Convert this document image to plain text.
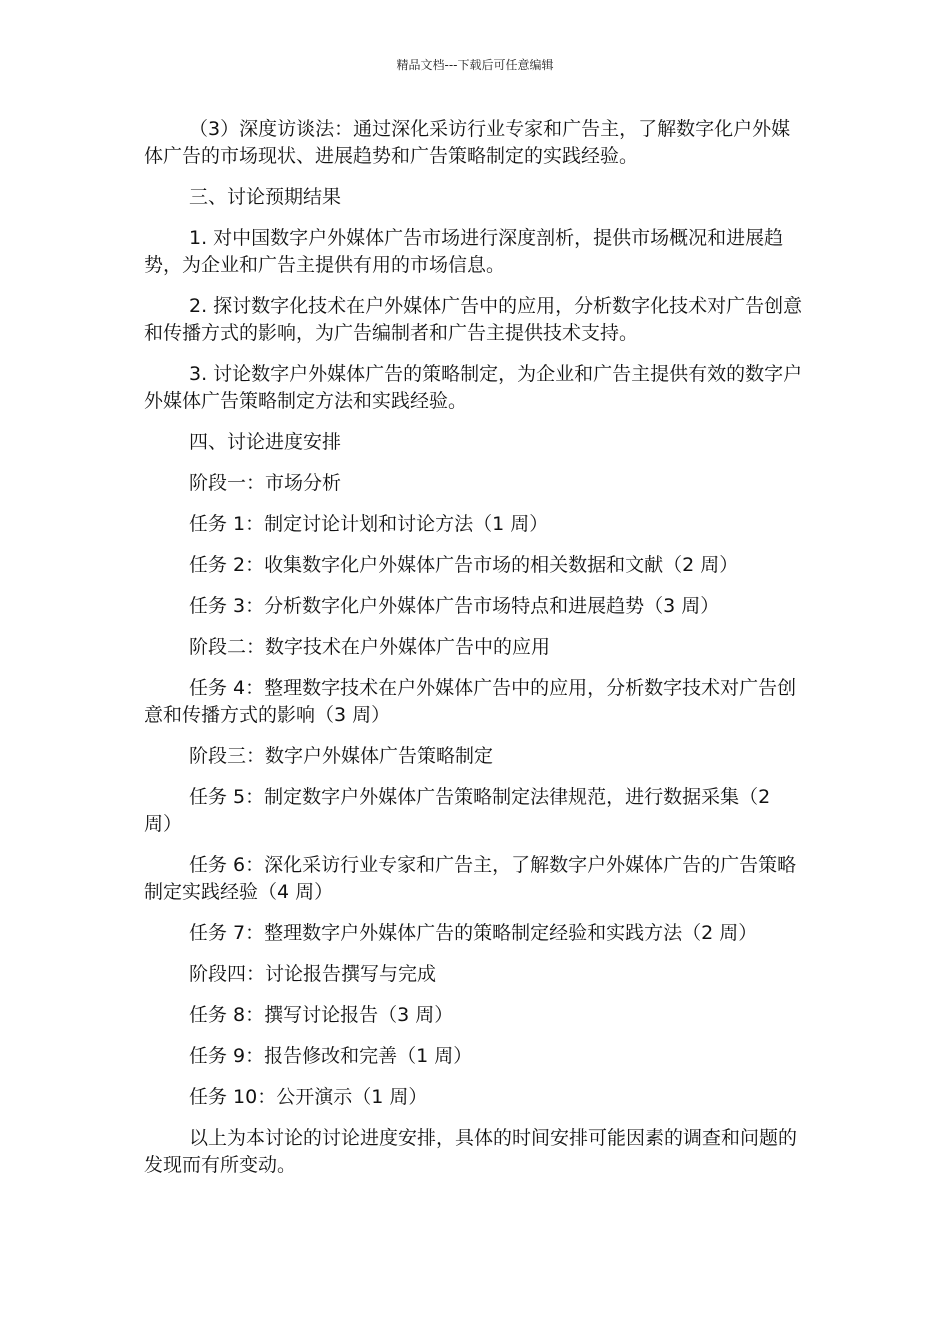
精品文档---下载后可任意编辑

（3）深度访谈法：通过深化采访行业专家和广告主，了解数字化户外媒体广告的市场现状、进展趋势和广告策略制定的实践经验。

三、讨论预期结果

1. 对中国数字户外媒体广告市场进行深度剖析，提供市场概况和进展趋势，为企业和广告主提供有用的市场信息。

2. 探讨数字化技术在户外媒体广告中的应用，分析数字化技术对广告创意和传播方式的影响，为广告编制者和广告主提供技术支持。

3. 讨论数字户外媒体广告的策略制定，为企业和广告主提供有效的数字户外媒体广告策略制定方法和实践经验。

四、讨论进度安排

阶段一：市场分析

任务 1：制定讨论计划和讨论方法（1 周）

任务 2：收集数字化户外媒体广告市场的相关数据和文献（2 周）

任务 3：分析数字化户外媒体广告市场特点和进展趋势（3 周）

阶段二：数字技术在户外媒体广告中的应用

任务 4：整理数字技术在户外媒体广告中的应用，分析数字技术对广告创意和传播方式的影响（3 周）

阶段三：数字户外媒体广告策略制定

任务 5：制定数字户外媒体广告策略制定法律规范，进行数据采集（2 周）

任务 6：深化采访行业专家和广告主，了解数字户外媒体广告的广告策略制定实践经验（4 周）

任务 7：整理数字户外媒体广告的策略制定经验和实践方法（2 周）

阶段四：讨论报告撰写与完成

任务 8：撰写讨论报告（3 周）

任务 9：报告修改和完善（1 周）

任务 10：公开演示（1 周）

以上为本讨论的讨论进度安排，具体的时间安排可能因素的调查和问题的发现而有所变动。
